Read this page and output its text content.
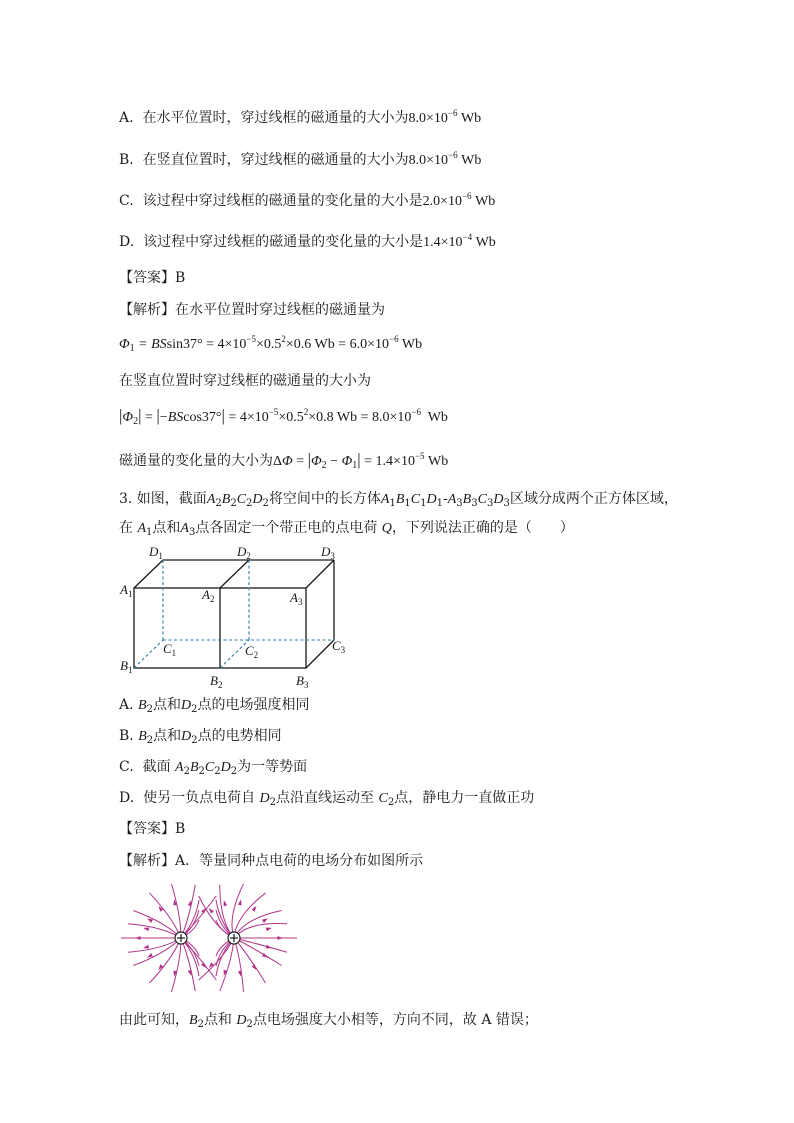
A. 在水平位置时，穿过线框的磁通量的大小为$8.0\times 10^{-6}$ Wb
B. 在竖直位置时，穿过线框的磁通量的大小为$8.0\times 10^{-6}$ Wb
C. 该过程中穿过线框的磁通量的变化量的大小是$2.0\times 10^{-6}$ Wb
D. 该过程中穿过线框的磁通量的变化量的大小是$1.4\times 10^{-4}$ Wb
【答案】B
【解析】在水平位置时穿过线框的磁通量为
$\Phi_1 = BSsin37^\circ = 4\times 10^{-5}\times 0.5^2\times 0.6$ $Wb = 6.0\times 10^{-6}$ Wb
在竖直位置时穿过线框的磁通量的大小为
$|\Phi_2| = |-BScos37^\circ| = 4\times 10^{-5}\times 0.5^2\times 0.8$ $Wb = 8.0\times 10^{-6}$ Wb
磁通量的变化量的大小为$\Delta\Phi = |\Phi_2 - \Phi_1| = 1.4\times 10^{-5}$ Wb
3. 如图，截面$A_2B_2C_2D_2$将空间中的长方体$A_1B_1C_1D_1-A_3B_3C_3D_3$区域分成两个正方体区域，
在 $A_1$点和$A_3$点各固定一个带正电的点电荷 Q，下列说法正确的是（　　）
$D_1$	$D_2$	$D_3$
$A_1$	$A_2$	$A_3$
$C_1$	$C_2$
$C_3$
$B_1$
$B_2$	$B_3$
A. $B_2$点和$D_2$点的电场强度相同
B. $B_2$点和$D_2$点的电势相同
C. 截面 $A_2B_2C_2D_2$为一等势面
D. 使另一负点电荷自 $D_2$点沿直线运动至 $C_2$点，静电力一直做正功
【答案】B
【解析】A．等量同种点电荷的电场分布如图所示
由此可知，$B_2$点和 $D_2$点电场强度大小相等，方向不同，故 A 错误；
